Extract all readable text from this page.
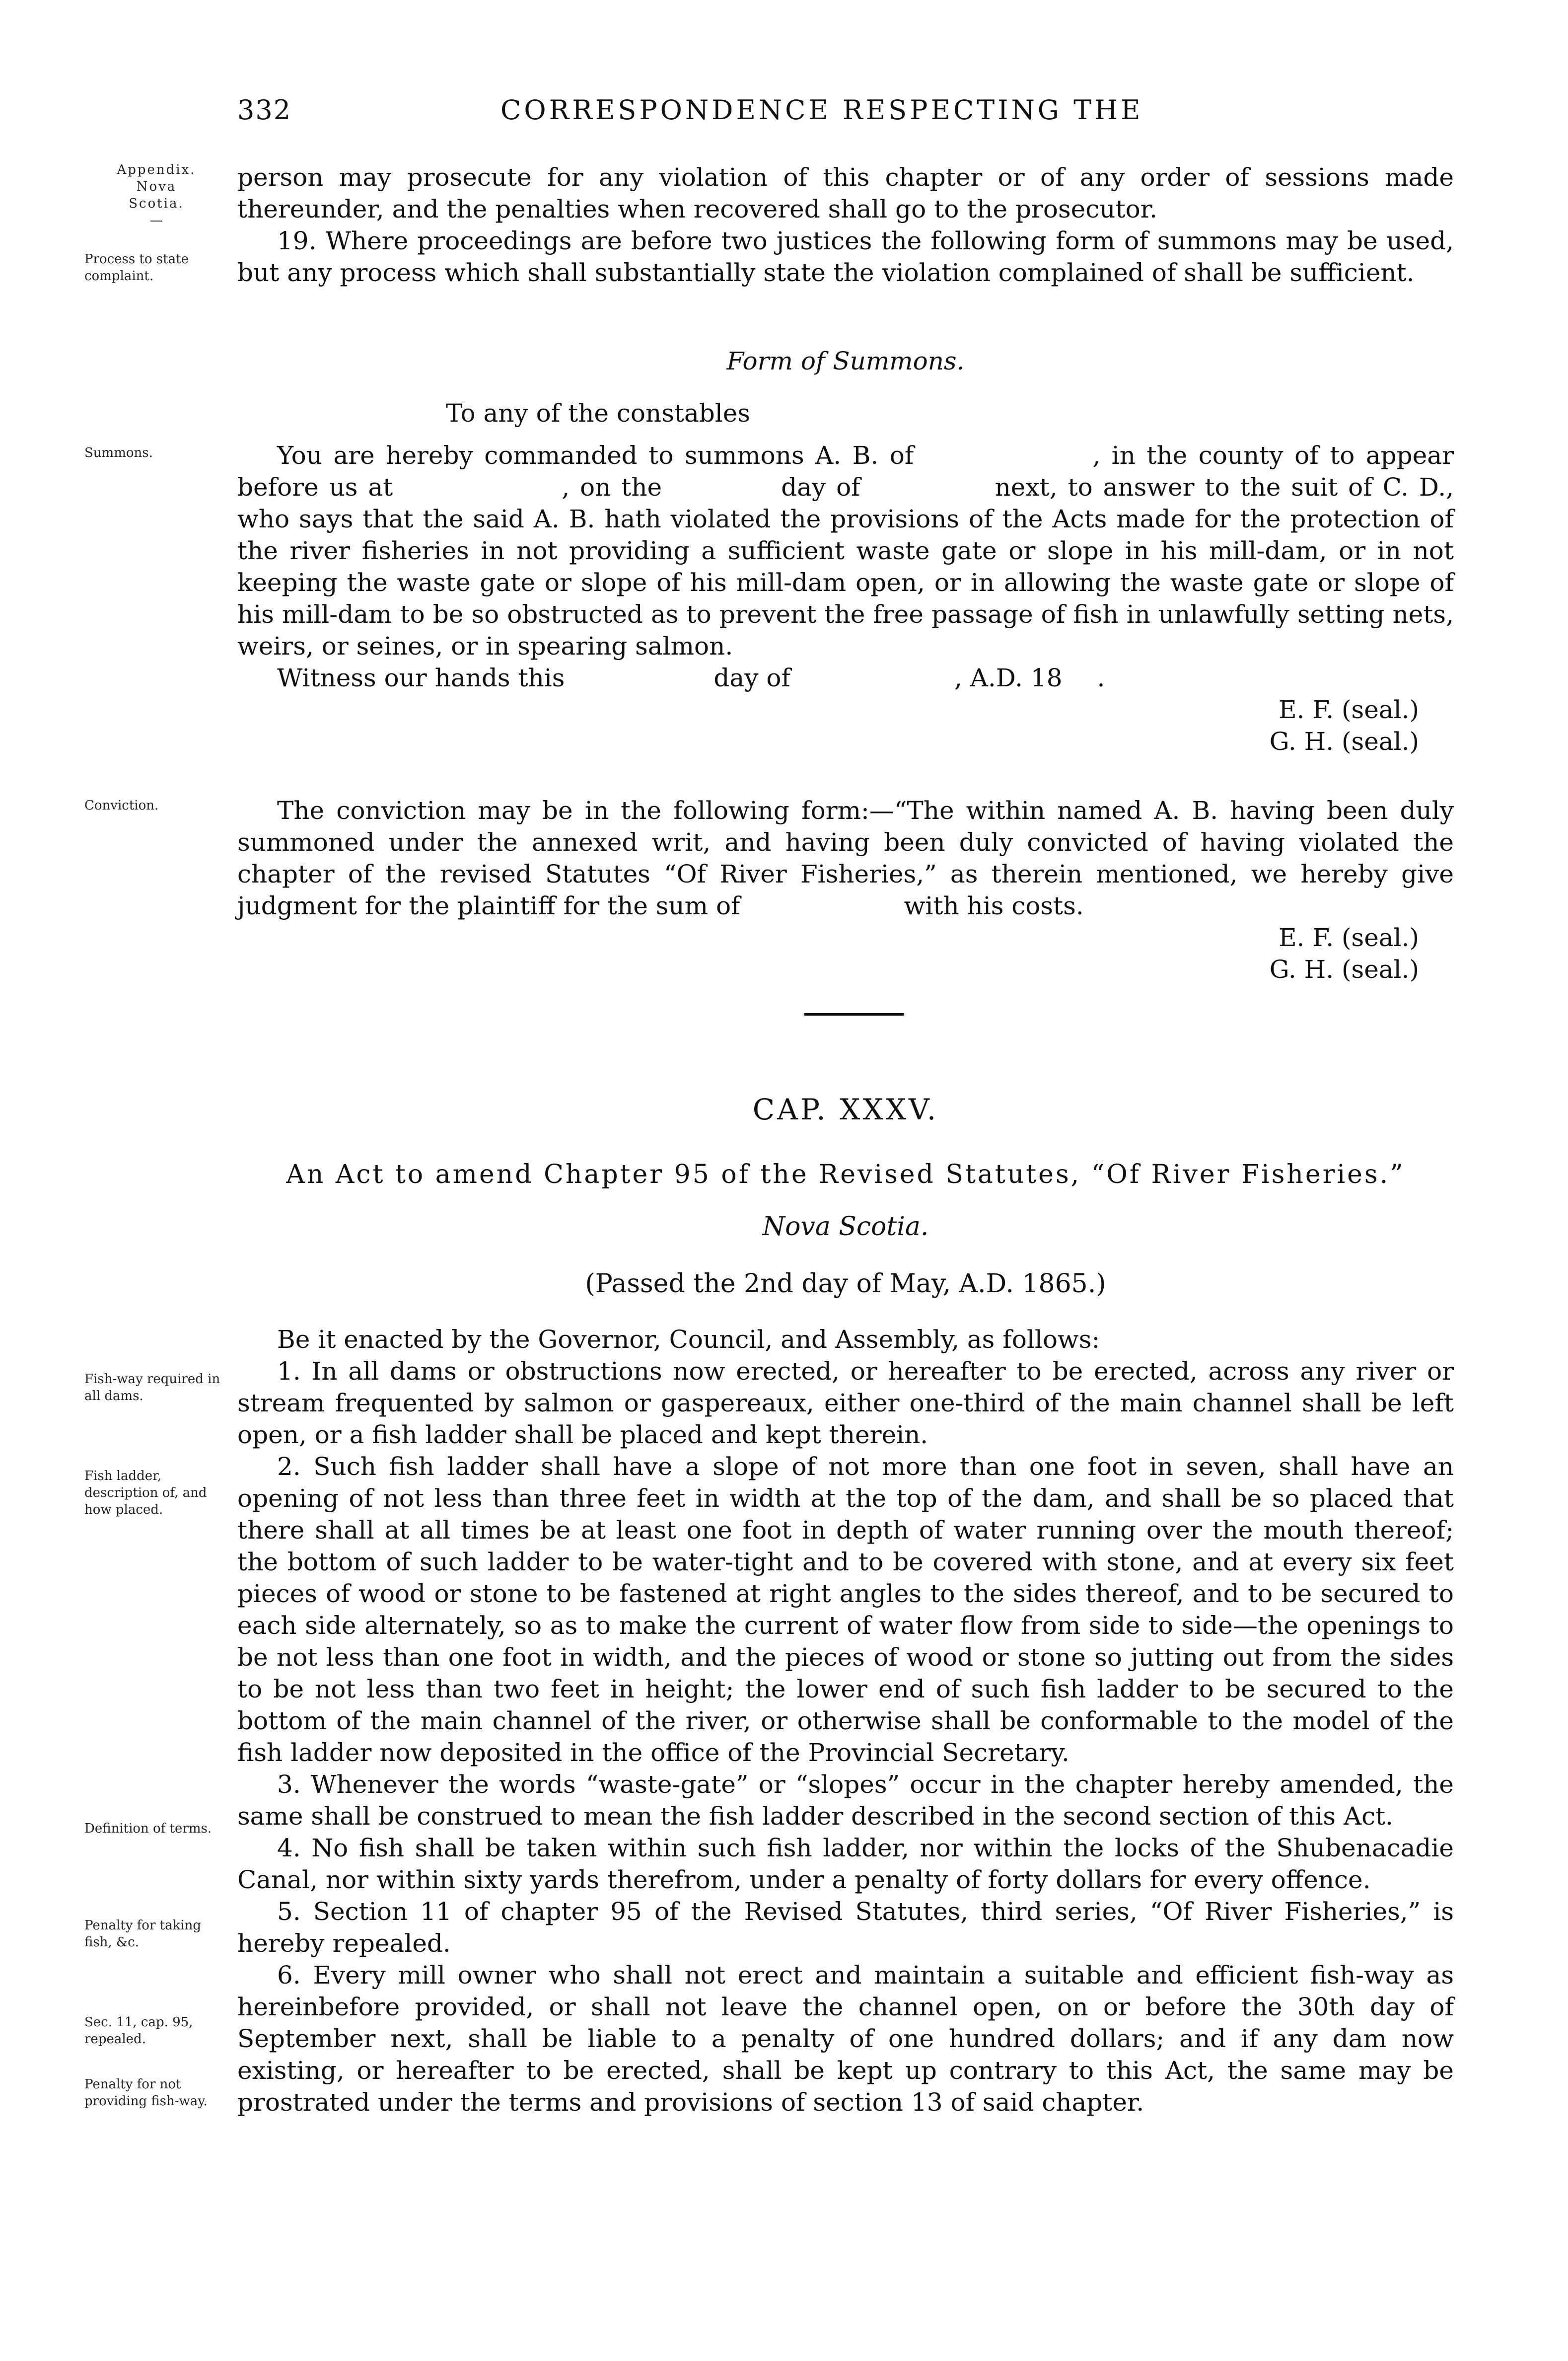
332	CORRESPONDENCE RESPECTING THE
Appendix.
Nova
Scotia.
—
Process to state complaint.
Summons.
Conviction.
Fish-way required in all dams.
Fish ladder, description of, and how placed.
Definition of terms.
Penalty for taking fish, &c.
Sec. 11, cap. 95, repealed.
Penalty for not providing fish-way.

person may prosecute for any violation of this chapter or of any order of sessions made thereunder, and the penalties when recovered shall go to the prosecutor.

19. Where proceedings are before two justices the following form of summons may be used, but any process which shall substantially state the violation complained of shall be sufficient.

Form of Summons.
To any of the constables

You are hereby commanded to summons A. B. of	, in the county of to appear before us at	, on the	day of	next, to answer to the suit of C. D., who says that the said A. B. hath violated the provisions of the Acts made for the protection of the river fisheries in not providing a sufficient waste gate or slope in his mill-dam, or in not keeping the waste gate or slope of his mill-dam open, or in allowing the waste gate or slope of his mill-dam to be so obstructed as to prevent the free passage of fish in unlawfully setting nets, weirs, or seines, or in spearing salmon.

Witness our hands this	day of	, A.D. 18 .

E. F. (seal.)

G. H. (seal.)

The conviction may be in the following form:—“The within named A. B. having been duly summoned under the annexed writ, and having been duly convicted of having violated the chapter of the revised Statutes “Of River Fisheries,” as therein mentioned, we hereby give judgment for the plaintiff for the sum of	with his costs.

E. F. (seal.)

G. H. (seal.)

CAP. XXXV.
An Act to amend Chapter 95 of the Revised Statutes, “Of River Fisheries.”
Nova Scotia.
(Passed the 2nd day of May, A.D. 1865.)

Be it enacted by the Governor, Council, and Assembly, as follows:

1. In all dams or obstructions now erected, or hereafter to be erected, across any river or stream frequented by salmon or gaspereaux, either one-third of the main channel shall be left open, or a fish ladder shall be placed and kept therein.

2. Such fish ladder shall have a slope of not more than one foot in seven, shall have an opening of not less than three feet in width at the top of the dam, and shall be so placed that there shall at all times be at least one foot in depth of water running over the mouth thereof; the bottom of such ladder to be water-tight and to be covered with stone, and at every six feet pieces of wood or stone to be fastened at right angles to the sides thereof, and to be secured to each side alternately, so as to make the current of water flow from side to side—the openings to be not less than one foot in width, and the pieces of wood or stone so jutting out from the sides to be not less than two feet in height; the lower end of such fish ladder to be secured to the bottom of the main channel of the river, or otherwise shall be conformable to the model of the fish ladder now deposited in the office of the Provincial Secretary.

3. Whenever the words “waste-gate” or “slopes” occur in the chapter hereby amended, the same shall be construed to mean the fish ladder described in the second section of this Act.

4. No fish shall be taken within such fish ladder, nor within the locks of the Shubenacadie Canal, nor within sixty yards therefrom, under a penalty of forty dollars for every offence.

5. Section 11 of chapter 95 of the Revised Statutes, third series, “Of River Fisheries,” is hereby repealed.

6. Every mill owner who shall not erect and maintain a suitable and efficient fish-way as hereinbefore provided, or shall not leave the channel open, on or before the 30th day of September next, shall be liable to a penalty of one hundred dollars; and if any dam now existing, or hereafter to be erected, shall be kept up contrary to this Act, the same may be prostrated under the terms and provisions of section 13 of said chapter.
